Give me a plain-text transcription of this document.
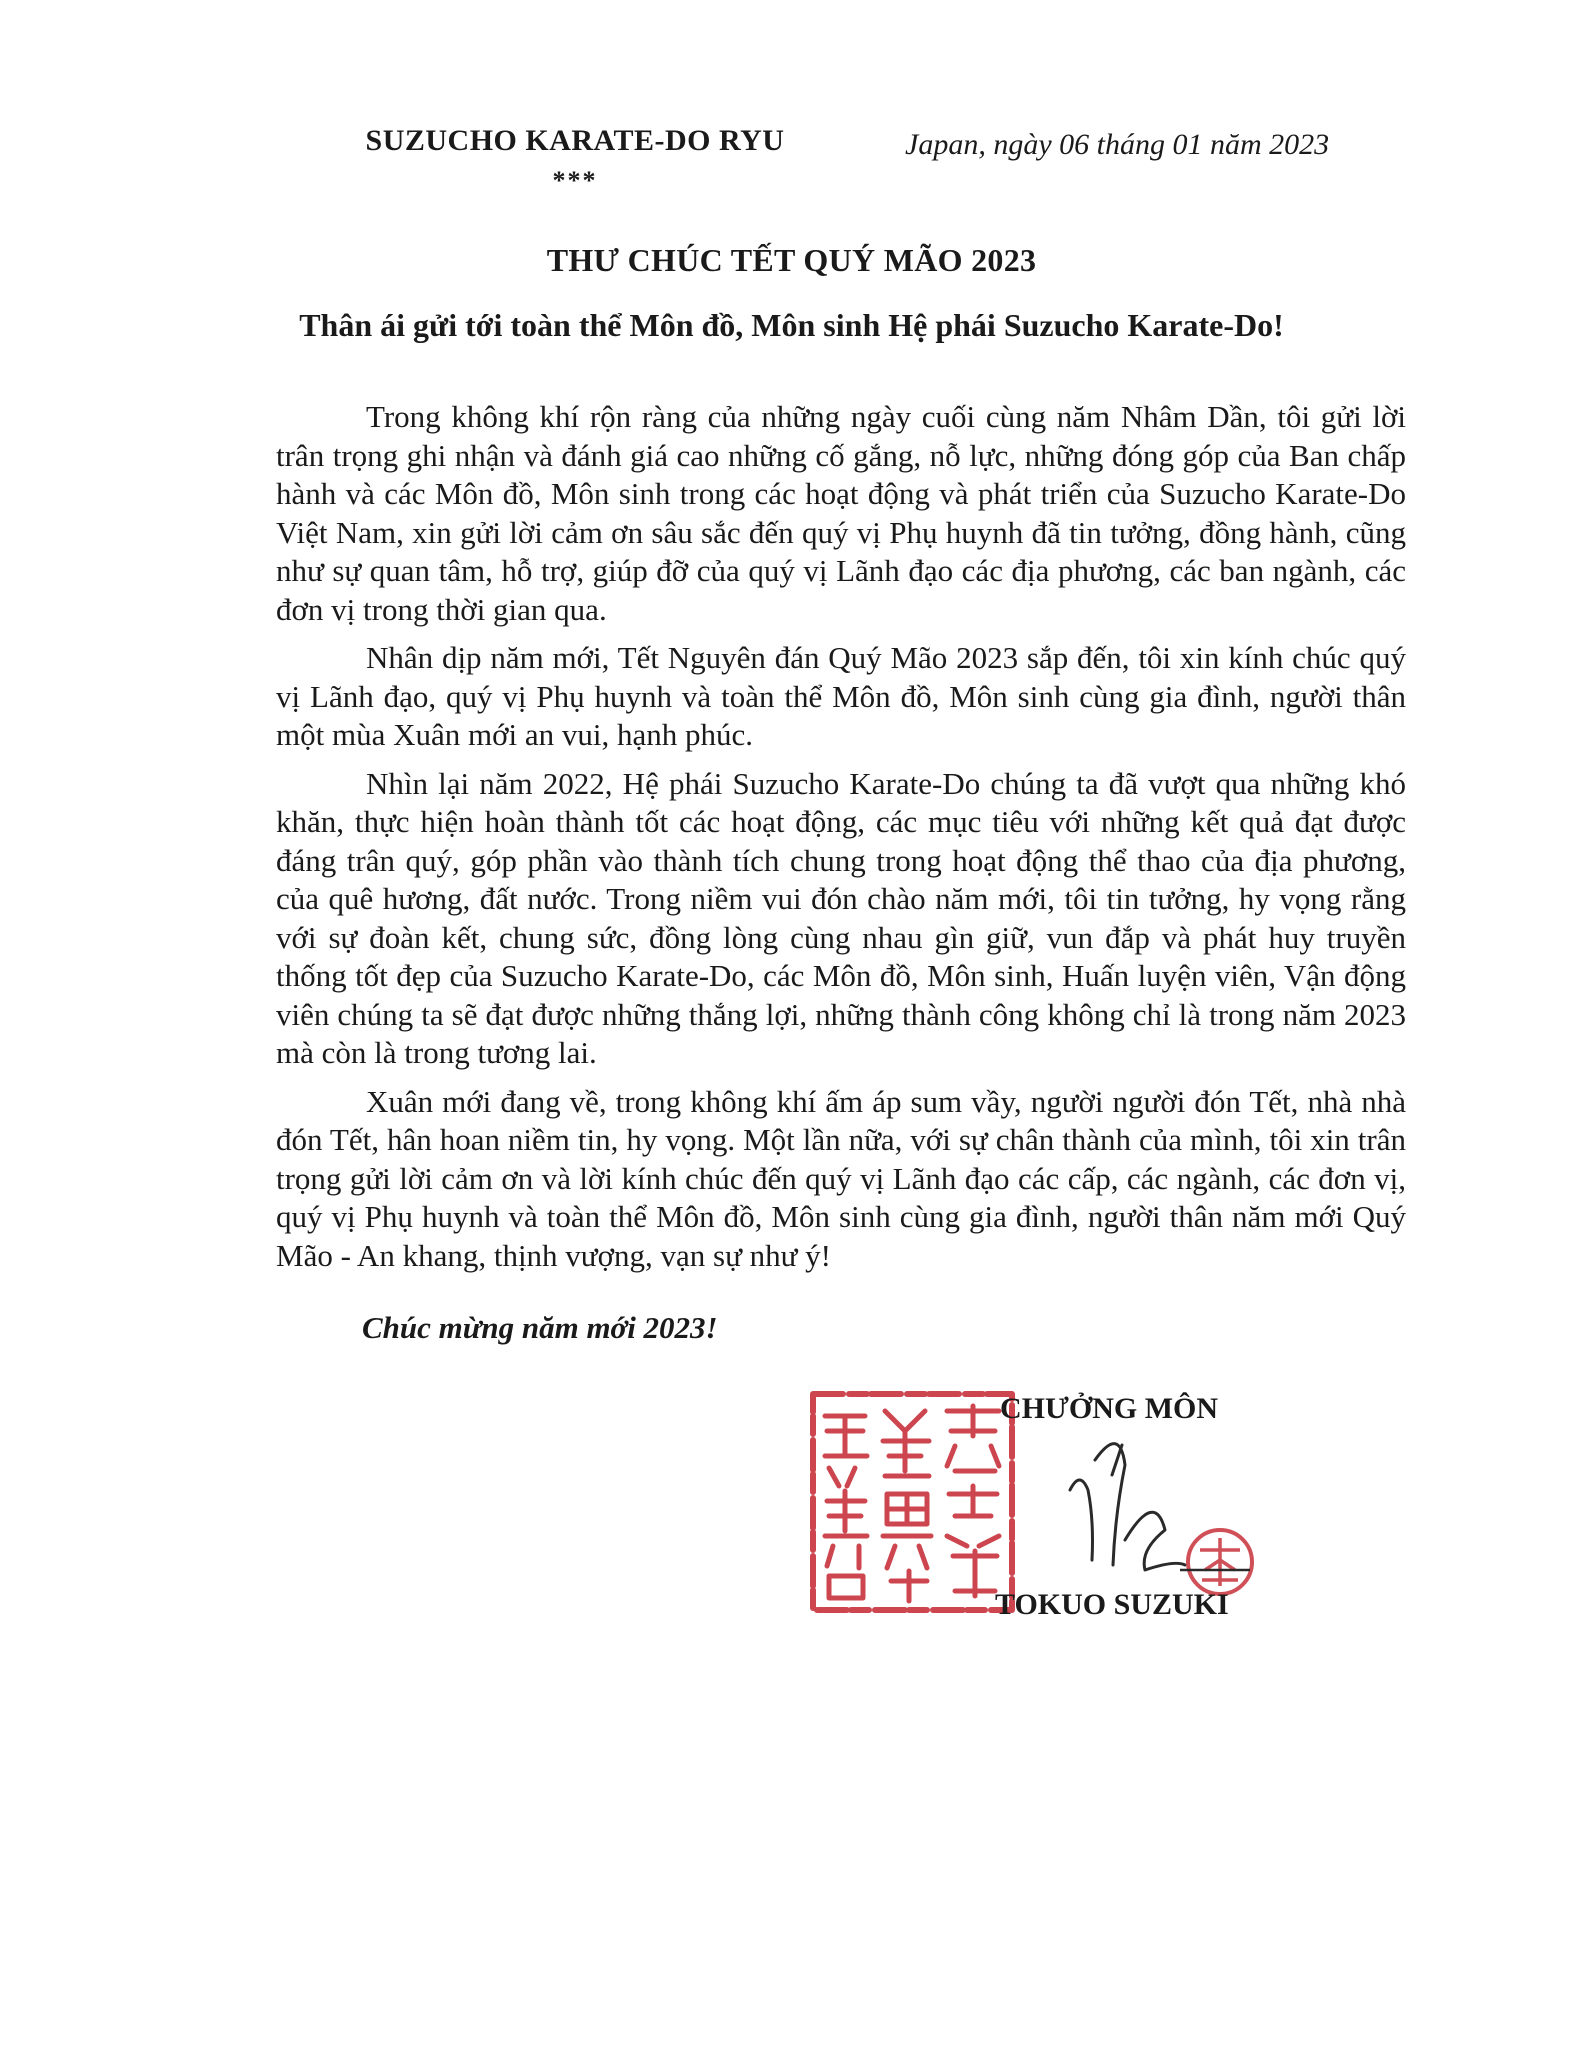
SUZUCHO KARATE-DO RYU
***
Japan, ngày 06 tháng 01 năm 2023
THƯ CHÚC TẾT QUÝ MÃO 2023
Thân ái gửi tới toàn thể Môn đồ, Môn sinh Hệ phái Suzucho Karate-Do!

Trong không khí rộn ràng của những ngày cuối cùng năm Nhâm Dần, tôi gửi lời trân trọng ghi nhận và đánh giá cao những cố gắng, nỗ lực, những đóng góp của Ban chấp hành và các Môn đồ, Môn sinh trong các hoạt động và phát triển của Suzucho Karate-Do Việt Nam, xin gửi lời cảm ơn sâu sắc đến quý vị Phụ huynh đã tin tưởng, đồng hành, cũng như sự quan tâm, hỗ trợ, giúp đỡ của quý vị Lãnh đạo các địa phương, các ban ngành, các đơn vị trong thời gian qua.

Nhân dịp năm mới, Tết Nguyên đán Quý Mão 2023 sắp đến, tôi xin kính chúc quý vị Lãnh đạo, quý vị Phụ huynh và toàn thể Môn đồ, Môn sinh cùng gia đình, người thân một mùa Xuân mới an vui, hạnh phúc.

Nhìn lại năm 2022, Hệ phái Suzucho Karate-Do chúng ta đã vượt qua những khó khăn, thực hiện hoàn thành tốt các hoạt động, các mục tiêu với những kết quả đạt được đáng trân quý, góp phần vào thành tích chung trong hoạt động thể thao của địa phương, của quê hương, đất nước. Trong niềm vui đón chào năm mới, tôi tin tưởng, hy vọng rằng với sự đoàn kết, chung sức, đồng lòng cùng nhau gìn giữ, vun đắp và phát huy truyền thống tốt đẹp của Suzucho Karate-Do, các Môn đồ, Môn sinh, Huấn luyện viên, Vận động viên chúng ta sẽ đạt được những thắng lợi, những thành công không chỉ là trong năm 2023 mà còn là trong tương lai.

Xuân mới đang về, trong không khí ấm áp sum vầy, người người đón Tết, nhà nhà đón Tết, hân hoan niềm tin, hy vọng. Một lần nữa, với sự chân thành của mình, tôi xin trân trọng gửi lời cảm ơn và lời kính chúc đến quý vị Lãnh đạo các cấp, các ngành, các đơn vị, quý vị Phụ huynh và toàn thể Môn đồ, Môn sinh cùng gia đình, người thân năm mới Quý Mão - An khang, thịnh vượng, vạn sự như ý!

Chúc mừng năm mới 2023!
CHƯỞNG MÔN
TOKUO SUZUKI
